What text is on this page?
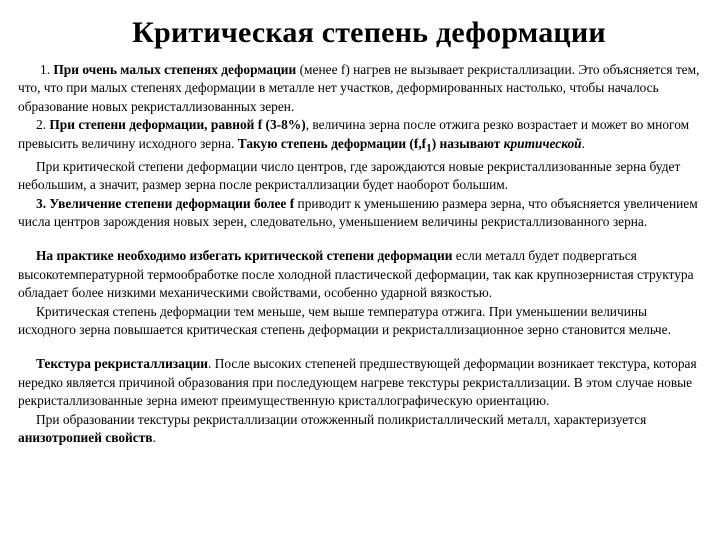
Критическая степень деформации

1. При очень малых степенях деформации (менее f) нагрев не вызывает рекристаллизации. Это объясняется тем, что, что при малых степенях деформации в металле нет участков, деформированных настолько, чтобы началось образование новых рекристаллизованных зерен.

2. При степени деформации, равной f (3-8%), величина зерна после отжига резко возрастает и может во многом превысить величину исходного зерна. Такую степень деформации $(f,f_1)$ называют критической.

При критической степени деформации число центров, где зарождаются новые рекристаллизованные зерна будет небольшим, а значит, размер зерна после рекристаллизации будет наоборот большим.

3. Увеличение степени деформации более f приводит к уменьшению размера зерна, что объясняется увеличением числа центров зарождения новых зерен, следовательно, уменьшением величины рекристаллизованного зерна.

На практике необходимо избегать критической степени деформации если металл будет подвергаться высокотемпературной термообработке после холодной пластической деформации, так как крупнозернистая структура обладает более низкими механическими свойствами, особенно ударной вязкостью.

Критическая степень деформации тем меньше, чем выше температура отжига. При уменьшении величины исходного зерна повышается критическая степень деформации и рекристаллизационное зерно становится мельче.

Текстура рекристаллизации. После высоких степеней предшествующей деформации возникает текстура, которая нередко является причиной образования при последующем нагреве текстуры рекристаллизации. В этом случае новые рекристаллизованные зерна имеют преимущественную кристаллографическую ориентацию.

При образовании текстуры рекристаллизации отожженный поликристаллический металл, характеризуется анизотропией свойств.
